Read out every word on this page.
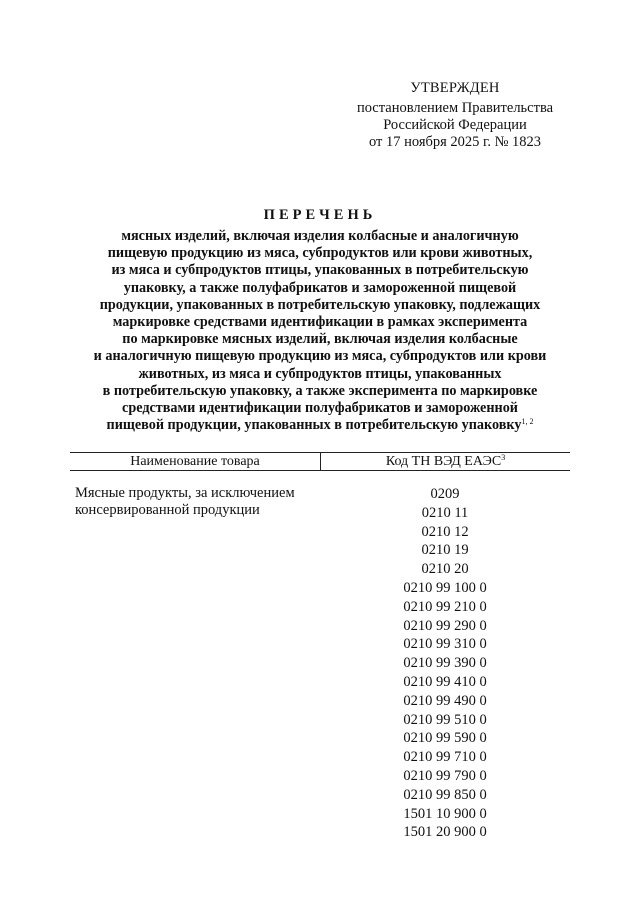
УТВЕРЖДЕН
постановлением Правительства
Российской Федерации
от 17 ноября 2025 г. № 1823
ПЕРЕЧЕНЬ
мясных изделий, включая изделия колбасные и аналогичную
пищевую продукцию из мяса, субпродуктов или крови животных,
из мяса и субпродуктов птицы, упакованных в потребительскую
упаковку, а также полуфабрикатов и замороженной пищевой
продукции, упакованных в потребительскую упаковку, подлежащих
маркировке средствами идентификации в рамках эксперимента
по маркировке мясных изделий, включая изделия колбасные
и аналогичную пищевую продукцию из мяса, субпродуктов или крови
животных, из мяса и субпродуктов птицы, упакованных
в потребительскую упаковку, а также эксперимента по маркировке
средствами идентификации полуфабрикатов и замороженной
пищевой продукции, упакованных в потребительскую упаковку$^{1, 2}$
Наименование товара	Код ТН ВЭД ЕАЭС$^3$
Мясные продукты, за исключением
консервированной продукции
0209
0210 11
0210 12
0210 19
0210 20
0210 99 100 0
0210 99 210 0
0210 99 290 0
0210 99 310 0
0210 99 390 0
0210 99 410 0
0210 99 490 0
0210 99 510 0
0210 99 590 0
0210 99 710 0
0210 99 790 0
0210 99 850 0
1501 10 900 0
1501 20 900 0
